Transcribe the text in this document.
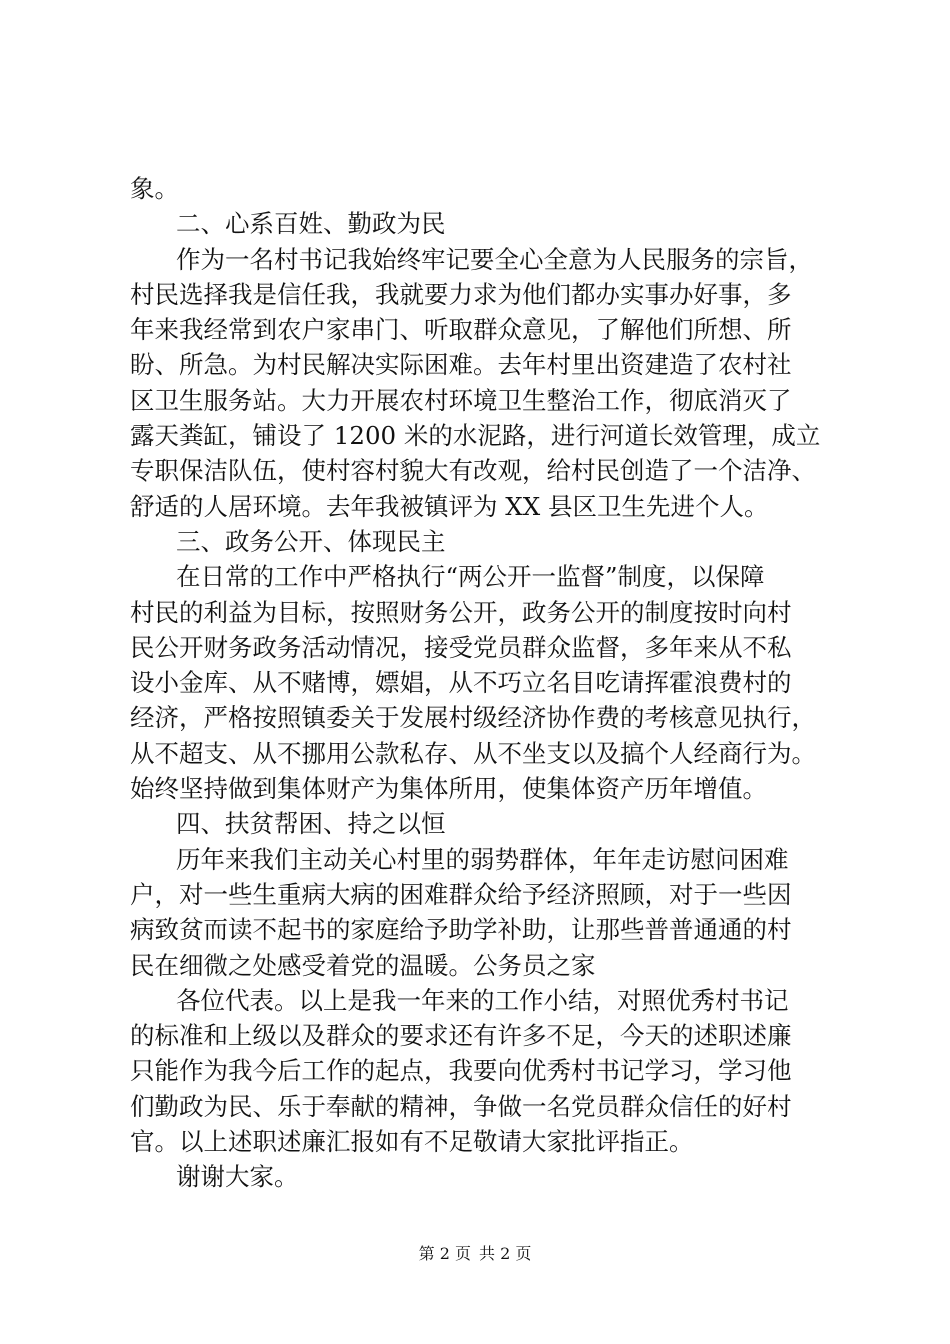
象。
二、心系百姓、勤政为民
作为一名村书记我始终牢记要全心全意为人民服务的宗旨，
村民选择我是信任我，我就要力求为他们都办实事办好事，多
年来我经常到农户家串门、听取群众意见，了解他们所想、所
盼、所急。为村民解决实际困难。去年村里出资建造了农村社
区卫生服务站。大力开展农村环境卫生整治工作，彻底消灭了
露天粪缸，铺设了 1200 米的水泥路，进行河道长效管理，成立
专职保洁队伍，使村容村貌大有改观，给村民创造了一个洁净、
舒适的人居环境。去年我被镇评为 XX 县区卫生先进个人。
三、政务公开、体现民主
在日常的工作中严格执行“两公开一监督”制度，以保障
村民的利益为目标，按照财务公开，政务公开的制度按时向村
民公开财务政务活动情况，接受党员群众监督，多年来从不私
设小金库、从不赌博，嫖娼，从不巧立名目吃请挥霍浪费村的
经济，严格按照镇委关于发展村级经济协作费的考核意见执行，
从不超支、从不挪用公款私存、从不坐支以及搞个人经商行为。
始终坚持做到集体财产为集体所用，使集体资产历年增值。
四、扶贫帮困、持之以恒
历年来我们主动关心村里的弱势群体，年年走访慰问困难
户，对一些生重病大病的困难群众给予经济照顾，对于一些因
病致贫而读不起书的家庭给予助学补助，让那些普普通通的村
民在细微之处感受着党的温暖。公务员之家
各位代表。以上是我一年来的工作小结，对照优秀村书记
的标准和上级以及群众的要求还有许多不足，今天的述职述廉
只能作为我今后工作的起点，我要向优秀村书记学习，学习他
们勤政为民、乐于奉献的精神，争做一名党员群众信任的好村
官。以上述职述廉汇报如有不足敬请大家批评指正。
谢谢大家。
第 2 页 共 2 页
